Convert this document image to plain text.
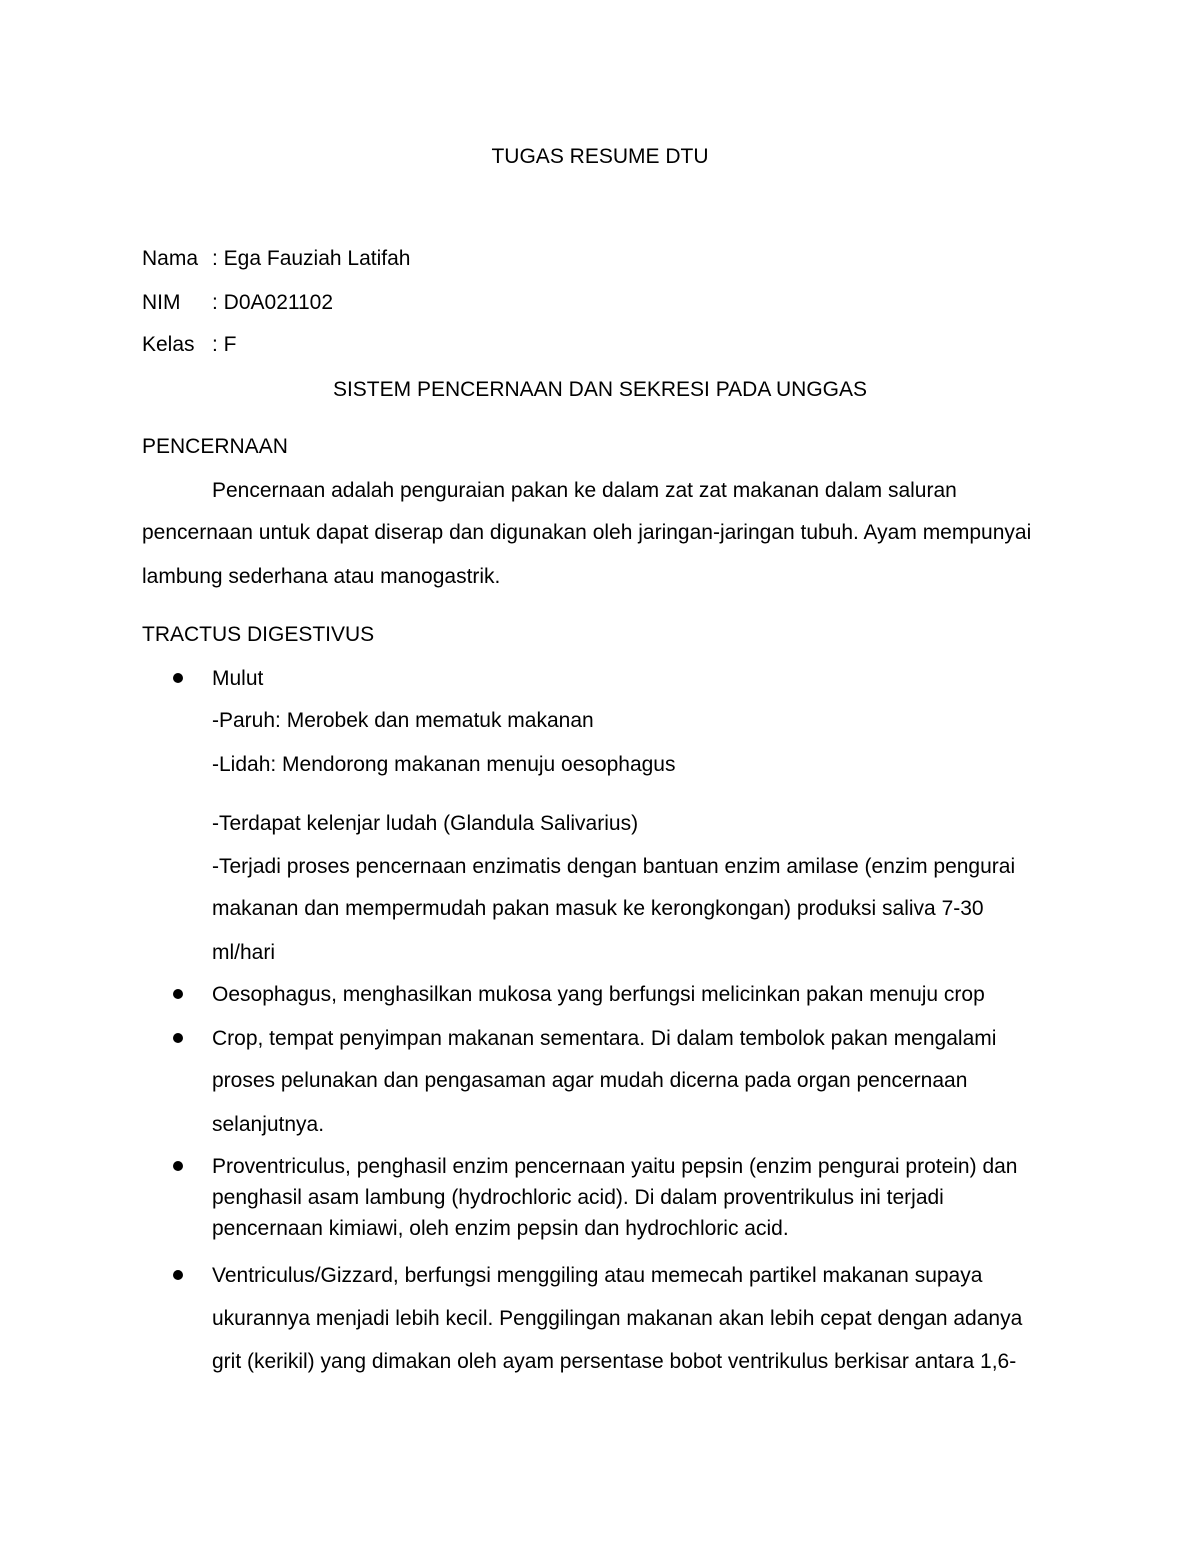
TUGAS RESUME DTU
Nama : Ega Fauziah Latifah
NIM : D0A021102
Kelas : F
SISTEM PENCERNAAN DAN SEKRESI PADA UNGGAS
PENCERNAAN
Pencernaan adalah penguraian pakan ke dalam zat zat makanan dalam saluran
pencernaan untuk dapat diserap dan digunakan oleh jaringan-jaringan tubuh. Ayam mempunyai
lambung sederhana atau manogastrik.
TRACTUS DIGESTIVUS
Mulut
-Paruh: Merobek dan mematuk makanan
-Lidah: Mendorong makanan menuju oesophagus
-Terdapat kelenjar ludah (Glandula Salivarius)
-Terjadi proses pencernaan enzimatis dengan bantuan enzim amilase (enzim pengurai
makanan dan mempermudah pakan masuk ke kerongkongan) produksi saliva 7-30
ml/hari
Oesophagus, menghasilkan mukosa yang berfungsi melicinkan pakan menuju crop
Crop, tempat penyimpan makanan sementara. Di dalam tembolok pakan mengalami
proses pelunakan dan pengasaman agar mudah dicerna pada organ pencernaan
selanjutnya.
Proventriculus, penghasil enzim pencernaan yaitu pepsin (enzim pengurai protein) dan
penghasil asam lambung (hydrochloric acid). Di dalam proventrikulus ini terjadi
pencernaan kimiawi, oleh enzim pepsin dan hydrochloric acid.
Ventriculus/Gizzard, berfungsi menggiling atau memecah partikel makanan supaya
ukurannya menjadi lebih kecil. Penggilingan makanan akan lebih cepat dengan adanya
grit (kerikil) yang dimakan oleh ayam persentase bobot ventrikulus berkisar antara 1,6-
